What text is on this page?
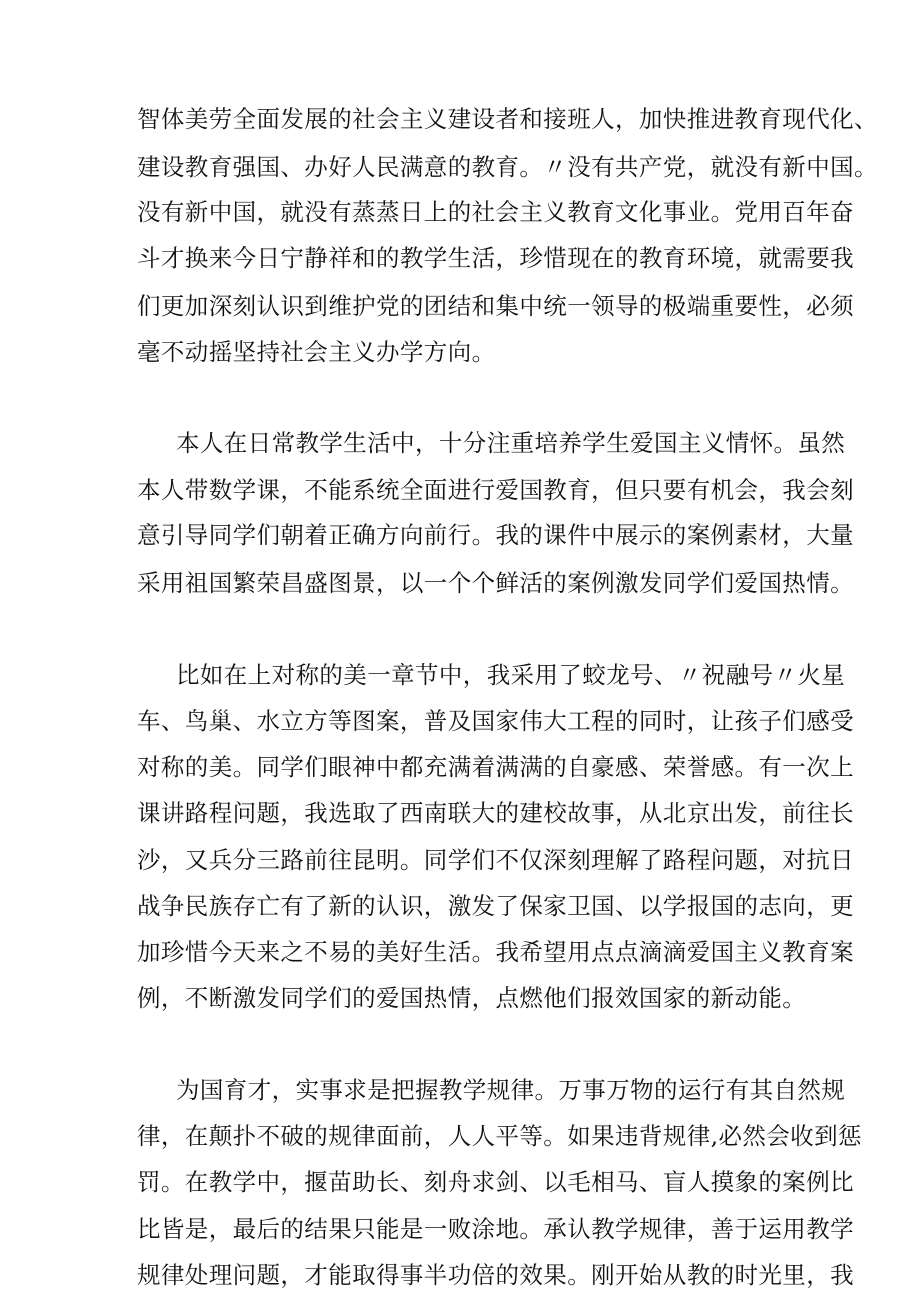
智体美劳全面发展的社会主义建设者和接班人，加快推进教育现代化、
建设教育强国、办好人民满意的教育。〃没有共产党，就没有新中国。
没有新中国，就没有蒸蒸日上的社会主义教育文化事业。党用百年奋
斗才换来今日宁静祥和的教学生活，珍惜现在的教育环境，就需要我
们更加深刻认识到维护党的团结和集中统一领导的极端重要性，必须
毫不动摇坚持社会主义办学方向。
本人在日常教学生活中，十分注重培养学生爱国主义情怀。虽然
本人带数学课，不能系统全面进行爱国教育，但只要有机会，我会刻
意引导同学们朝着正确方向前行。我的课件中展示的案例素材，大量
采用祖国繁荣昌盛图景，以一个个鲜活的案例激发同学们爱国热情。
比如在上对称的美一章节中，我采用了蛟龙号、〃祝融号〃火星
车、鸟巢、水立方等图案，普及国家伟大工程的同时，让孩子们感受
对称的美。同学们眼神中都充满着满满的自豪感、荣誉感。有一次上
课讲路程问题，我选取了西南联大的建校故事，从北京出发，前往长
沙，又兵分三路前往昆明。同学们不仅深刻理解了路程问题，对抗日
战争民族存亡有了新的认识，激发了保家卫国、以学报国的志向，更
加珍惜今天来之不易的美好生活。我希望用点点滴滴爱国主义教育案
例，不断激发同学们的爱国热情，点燃他们报效国家的新动能。
为国育才，实事求是把握教学规律。万事万物的运行有其自然规
律，在颠扑不破的规律面前，人人平等。如果违背规律,必然会收到惩
罚。在教学中，揠苗助长、刻舟求剑、以毛相马、盲人摸象的案例比
比皆是，最后的结果只能是一败涂地。承认教学规律，善于运用教学
规律处理问题，才能取得事半功倍的效果。刚开始从教的时光里，我
